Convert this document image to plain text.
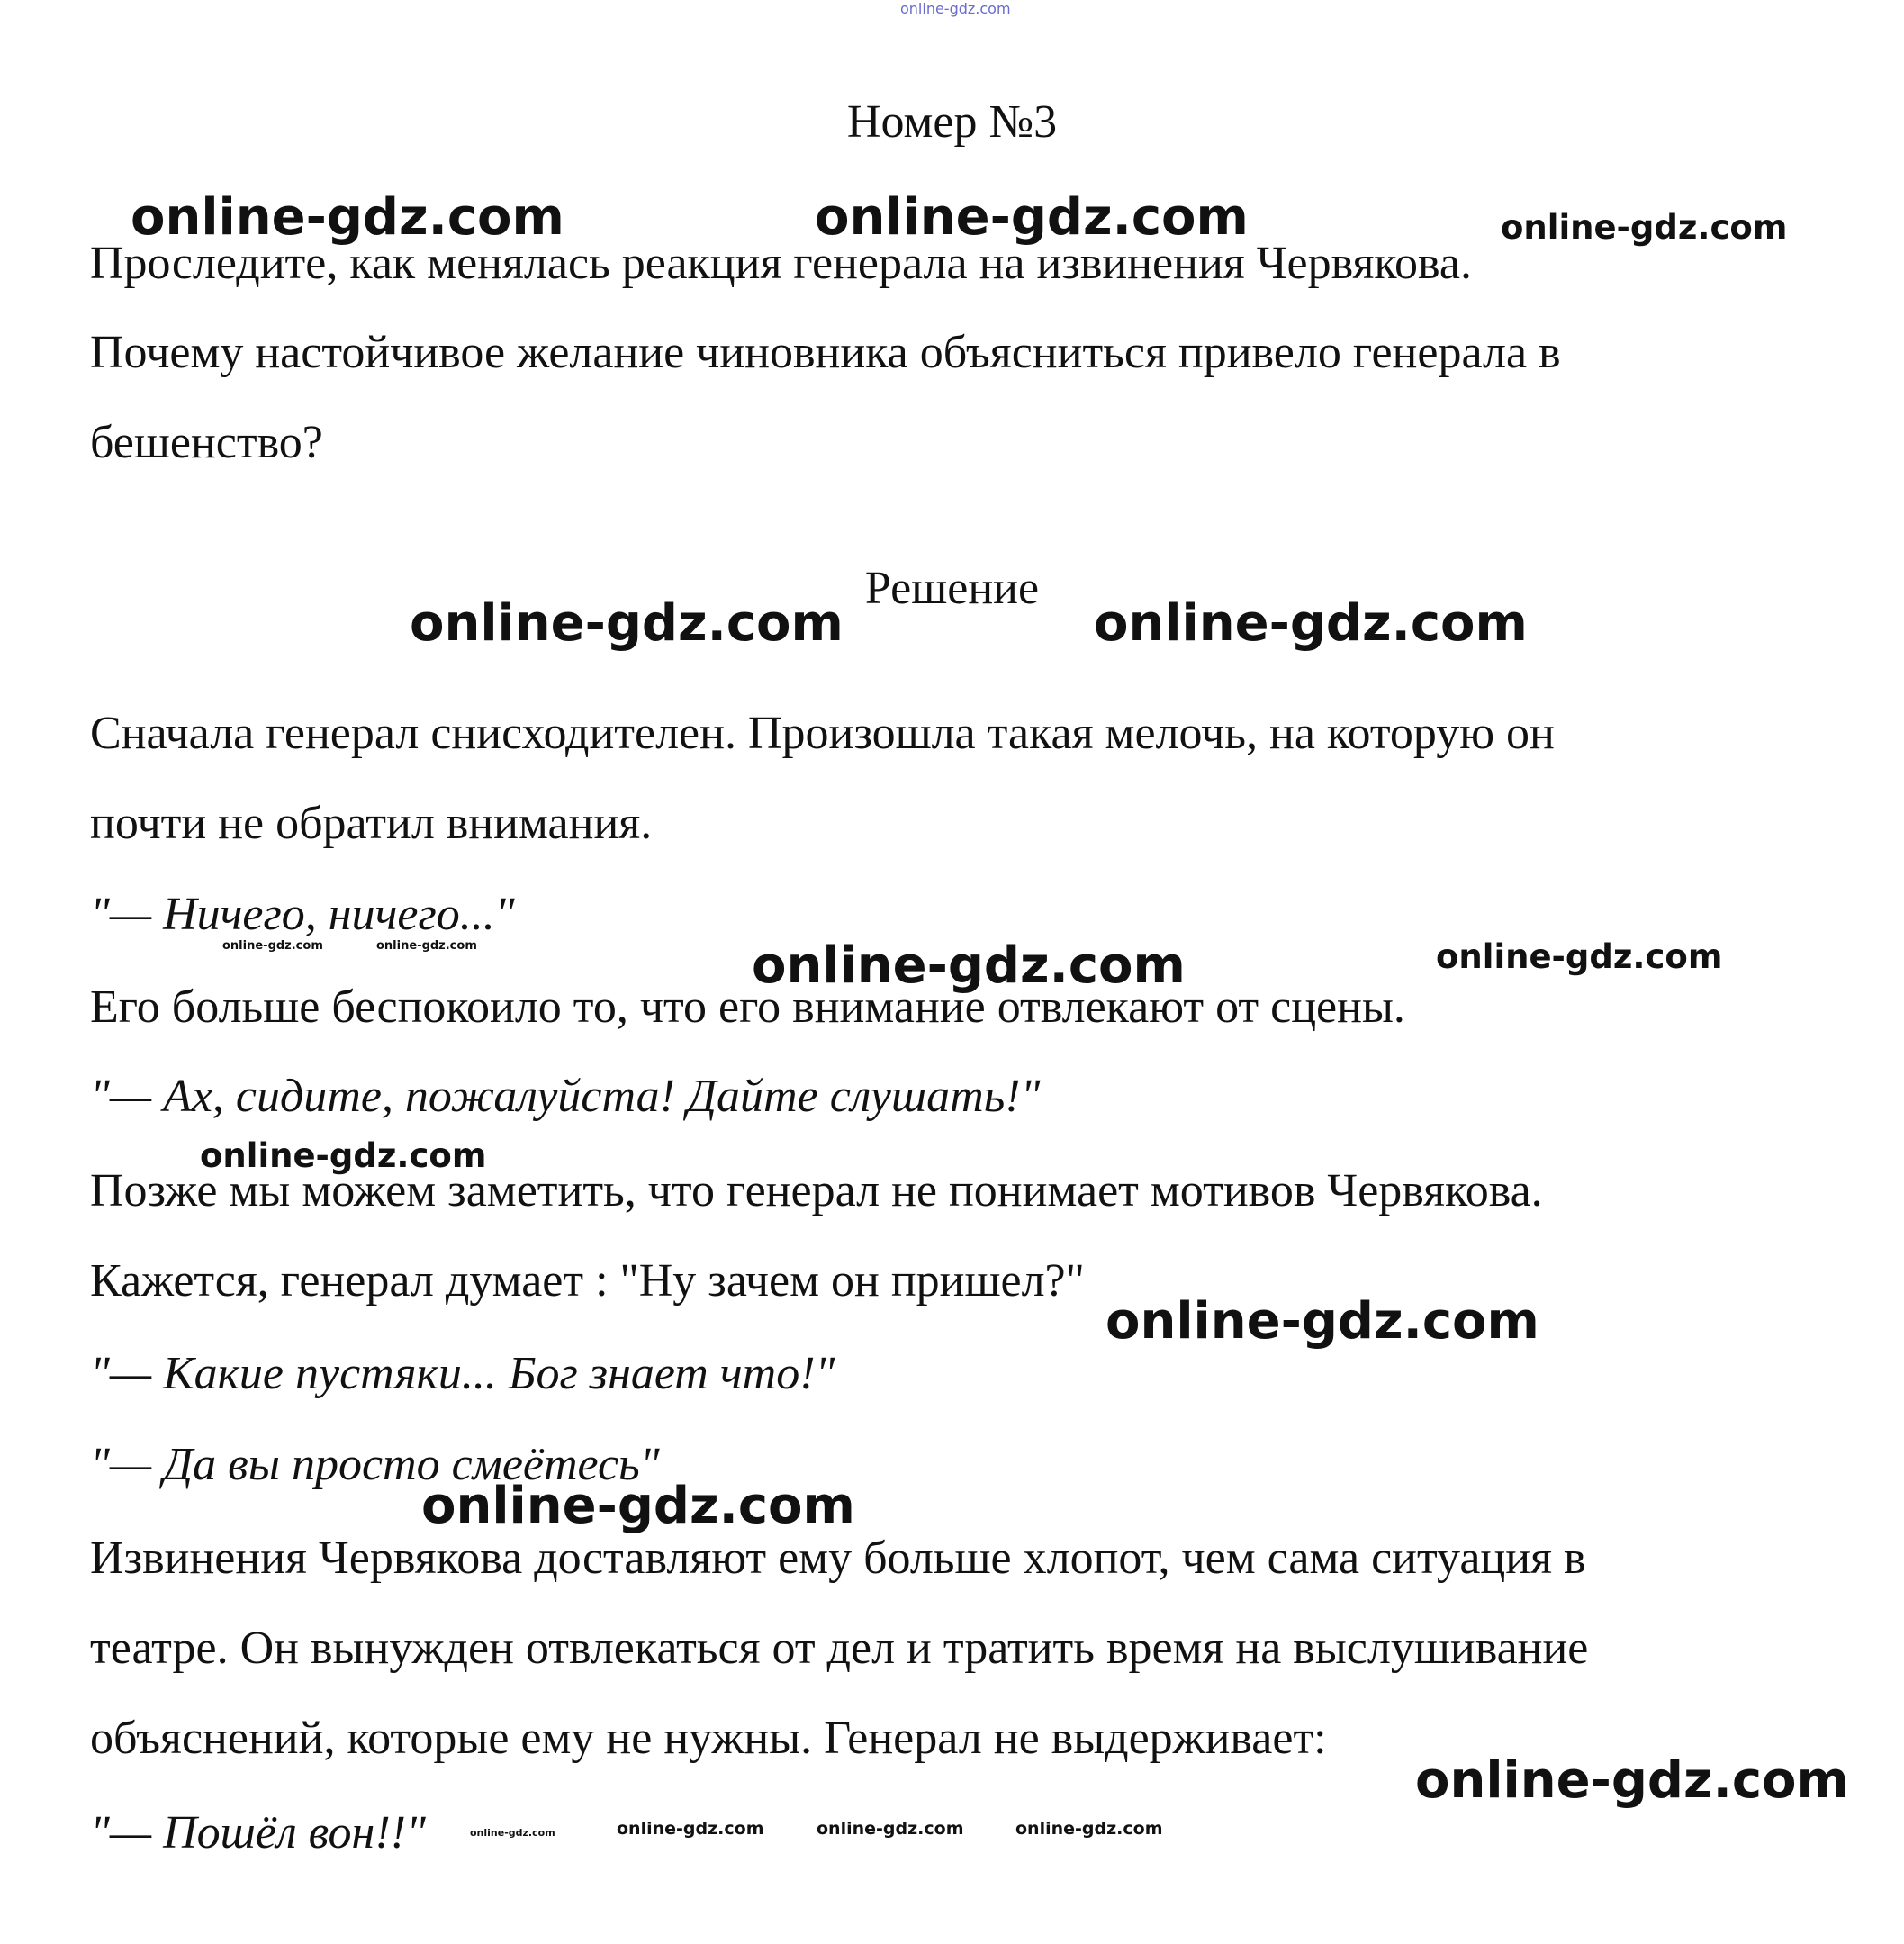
online-gdz.com
Номер №3
Проследите, как менялась реакция генерала на извинения Червякова.
Почему настойчивое желание чиновника объясниться привело генерала в
бешенство?
Решение
Сначала генерал снисходителен. Произошла такая мелочь, на которую он
почти не обратил внимания.
"— Ничего, ничего..."
Его больше беспокоило то, что его внимание отвлекают от сцены.
"— Ах, сидите, пожалуйста! Дайте слушать!"
Позже мы можем заметить, что генерал не понимает мотивов Червякова.
Кажется, генерал думает : "Ну зачем он пришел?"
"— Какие пустяки... Бог знает что!"
"— Да вы просто смеётесь"
Извинения Червякова доставляют ему больше хлопот, чем сама ситуация в
театре. Он вынужден отвлекаться от дел и тратить время на выслушивание
объяснений, которые ему не нужны. Генерал не выдерживает:
"— Пошёл вон!!"
online-gdz.com	online-gdz.com	online-gdz.com
online-gdz.com	online-gdz.com
online-gdz.com	online-gdz.com	online-gdz.com	online-gdz.com
online-gdz.com
online-gdz.com
online-gdz.com
online-gdz.com
online-gdz.com	online-gdz.com	online-gdz.com	online-gdz.com
